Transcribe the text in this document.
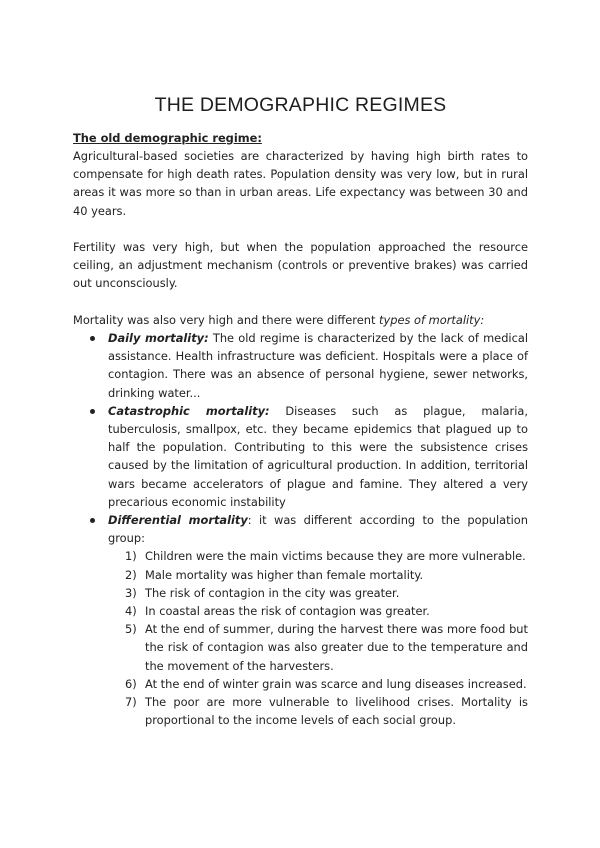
THE DEMOGRAPHIC REGIMES
The old demographic regime:

Agricultural-based societies are characterized by having high birth rates to compensate for high death rates. Population density was very low, but in rural areas it was more so than in urban areas. Life expectancy was between 30 and 40 years.

Fertility was very high, but when the population approached the resource ceiling, an adjustment mechanism (controls or preventive brakes) was carried out unconsciously.

Mortality was also very high and there were different types of mortality:

Daily mortality: The old regime is characterized by the lack of medical assistance. Health infrastructure was deficient. Hospitals were a place of contagion. There was an absence of personal hygiene, sewer networks, drinking water...
Catastrophic mortality: Diseases such as plague, malaria, tuberculosis, smallpox, etc. they became epidemics that plagued up to half the population. Contributing to this were the subsistence crises caused by the limitation of agricultural production. In addition, territorial wars became accelerators of plague and famine. They altered a very precarious economic instability
Differential mortality: it was different according to the population group:
1) Children were the main victims because they are more vulnerable.
2) Male mortality was higher than female mortality.
3) The risk of contagion in the city was greater.
4) In coastal areas the risk of contagion was greater.
5) At the end of summer, during the harvest there was more food but the risk of contagion was also greater due to the temperature and the movement of the harvesters.
6) At the end of winter grain was scarce and lung diseases increased.
7) The poor are more vulnerable to livelihood crises. Mortality is proportional to the income levels of each social group.
